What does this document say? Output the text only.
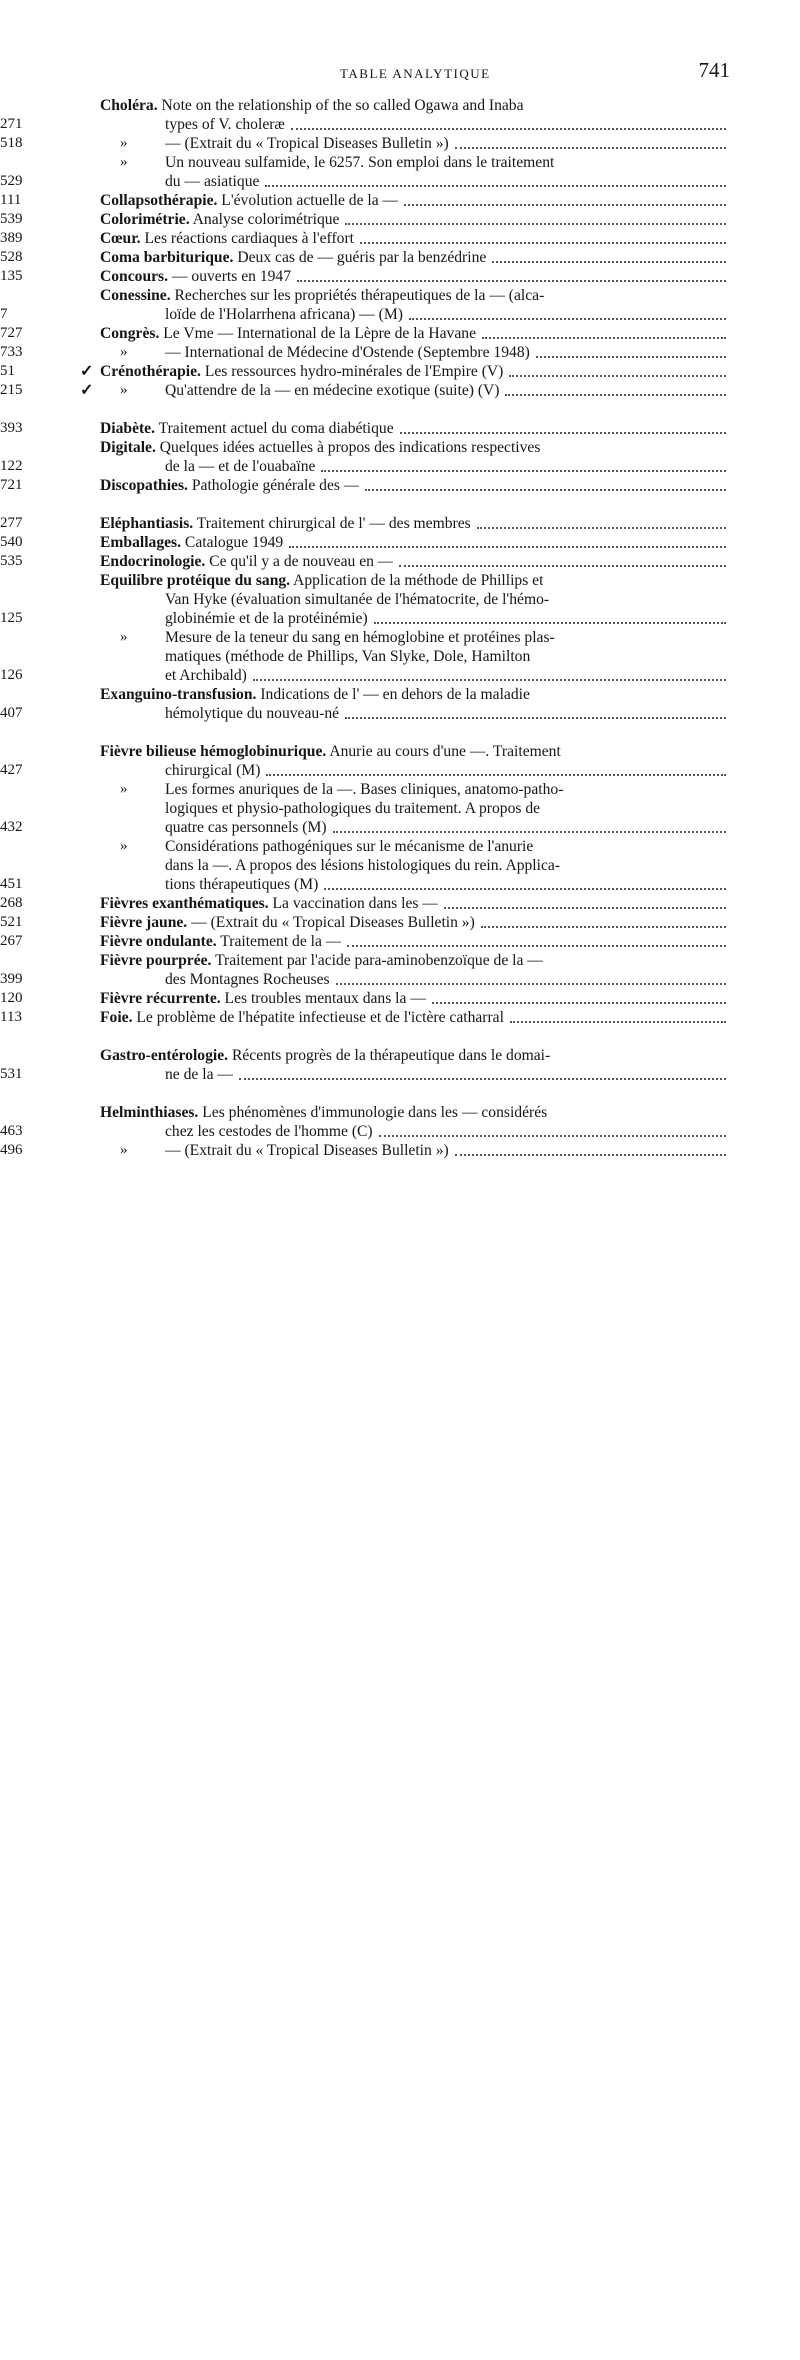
TABLE ANALYTIQUE	741
Choléra. Note on the relationship of the so called Ogawa and Inaba
types of V. choleræ
271
» — (Extrait du « Tropical Diseases Bulletin »)
518
» Un nouveau sulfamide, le 6257. Son emploi dans le traitement
du — asiatique
529
Collapsothérapie. L'évolution actuelle de la —
111
Colorimétrie. Analyse colorimétrique
539
Cœur. Les réactions cardiaques à l'effort
389
Coma barbiturique. Deux cas de — guéris par la benzédrine
528
Concours. — ouverts en 1947
135
Conessine. Recherches sur les propriétés thérapeutiques de la — (alca-
loïde de l'Holarrhena africana) — (M)
7
Congrès. Le Vme — International de la Lèpre de la Havane
727
» — International de Médecine d'Ostende (Septembre 1948)
733
✓ Crénothérapie. Les ressources hydro-minérales de l'Empire (V)
51
✓ » Qu'attendre de la — en médecine exotique (suite) (V)
215
Diabète. Traitement actuel du coma diabétique
393
Digitale. Quelques idées actuelles à propos des indications respectives
de la — et de l'ouabaïne
122
Discopathies. Pathologie générale des —
721
Eléphantiasis. Traitement chirurgical de l' — des membres
277
Emballages. Catalogue 1949
540
Endocrinologie. Ce qu'il y a de nouveau en —
535
Equilibre protéique du sang. Application de la méthode de Phillips et
Van Hyke (évaluation simultanée de l'hématocrite, de l'hémo-
globinémie et de la protéinémie)
125
» Mesure de la teneur du sang en hémoglobine et protéines plas-
matiques (méthode de Phillips, Van Slyke, Dole, Hamilton
et Archibald)
126
Exanguino-transfusion. Indications de l' — en dehors de la maladie
hémolytique du nouveau-né
407
Fièvre bilieuse hémoglobinurique. Anurie au cours d'une —. Traitement
chirurgical (M)
427
» Les formes anuriques de la —. Bases cliniques, anatomo-patho-
logiques et physio-pathologiques du traitement. A propos de
quatre cas personnels (M)
432
» Considérations pathogéniques sur le mécanisme de l'anurie
dans la —. A propos des lésions histologiques du rein. Applica-
tions thérapeutiques (M)
451
Fièvres exanthématiques. La vaccination dans les —
268
Fièvre jaune. — (Extrait du « Tropical Diseases Bulletin »)
521
Fièvre ondulante. Traitement de la —
267
Fièvre pourprée. Traitement par l'acide para-aminobenzoïque de la —
des Montagnes Rocheuses
399
Fièvre récurrente. Les troubles mentaux dans la —
120
Foie. Le problème de l'hépatite infectieuse et de l'ictère catharral
113
Gastro-entérologie. Récents progrès de la thérapeutique dans le domai-
ne de la —
531
Helminthiases. Les phénomènes d'immunologie dans les — considérés
chez les cestodes de l'homme (C)
463
» — (Extrait du « Tropical Diseases Bulletin »)
496
